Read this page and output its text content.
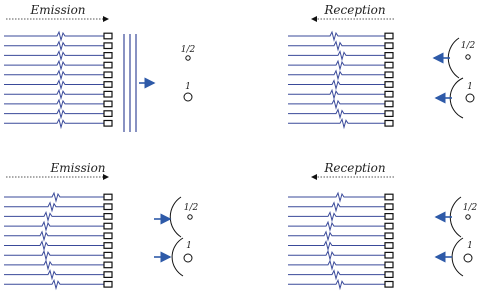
Emission
1/2
1
Reception
1/2
1
Emission
1/2
1
Reception
1/2
1
